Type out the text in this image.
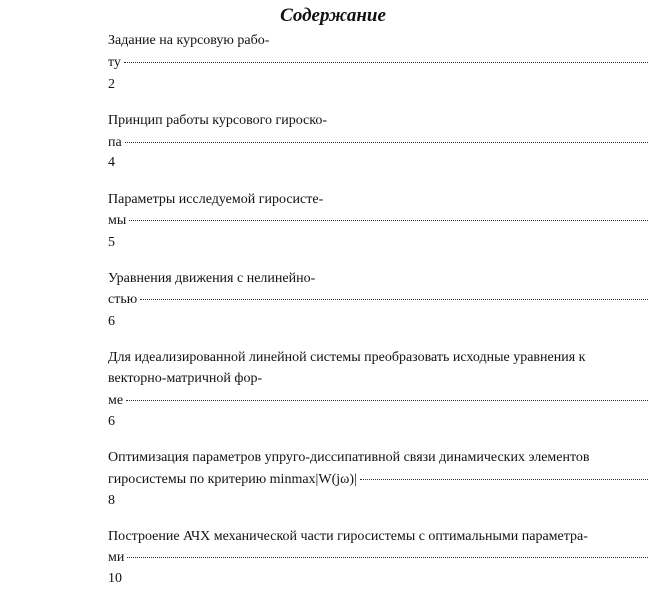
Содержание
Задание на курсовую рабо-
ту
2
Принцип работы курсового гироско-
па
4
Параметры исследуемой гиросисте-
мы
5
Уравнения движения с нелинейно-
стью
6
Для идеализированной линейной системы преобразовать исходные уравнения к
векторно-матричной фор-
ме
6
Оптимизация параметров упруго-диссипативной связи динамических элементов
гиросистемы по критерию minmax|W(jω)|
8
Построение АЧХ механической части гиросистемы с оптимальными параметра-
ми
10
